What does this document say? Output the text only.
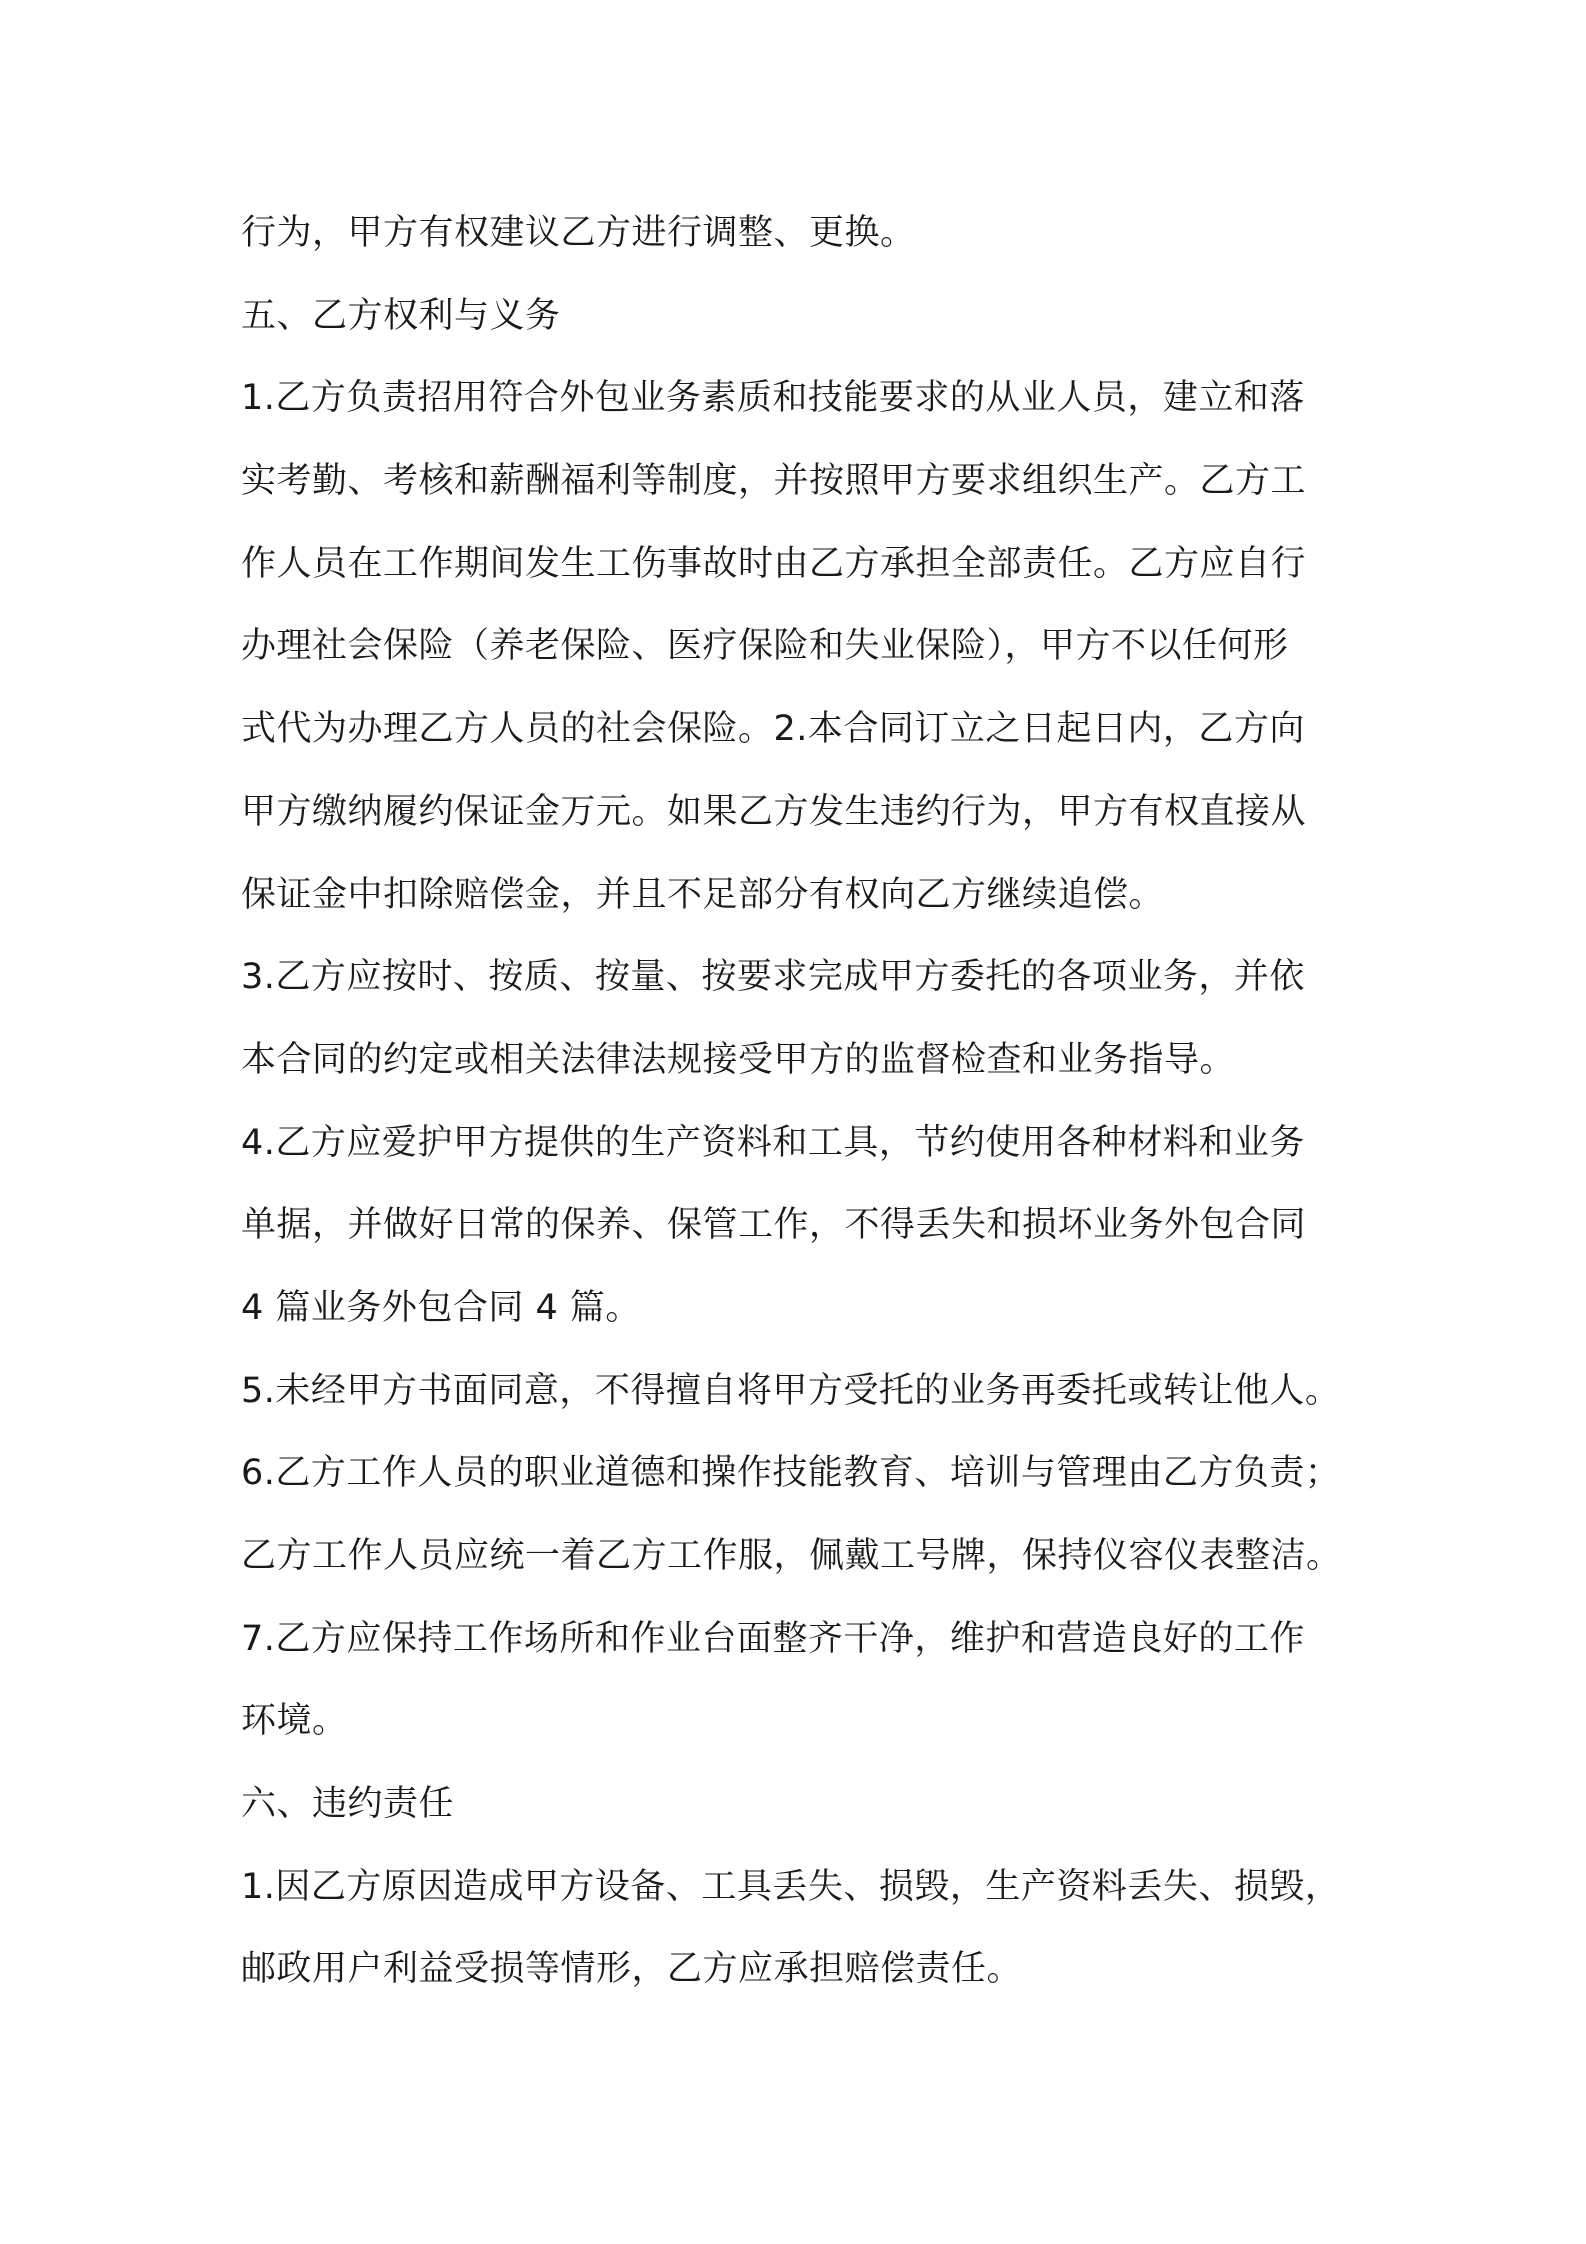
行为，甲方有权建议乙方进行调整、更换。
五、乙方权利与义务
1.乙方负责招用符合外包业务素质和技能要求的从业人员，建立和落
实考勤、考核和薪酬福利等制度，并按照甲方要求组织生产。乙方工
作人员在工作期间发生工伤事故时由乙方承担全部责任。乙方应自行
办理社会保险（养老保险、医疗保险和失业保险），甲方不以任何形
式代为办理乙方人员的社会保险。2.本合同订立之日起日内，乙方向
甲方缴纳履约保证金万元。如果乙方发生违约行为，甲方有权直接从
保证金中扣除赔偿金，并且不足部分有权向乙方继续追偿。
3.乙方应按时、按质、按量、按要求完成甲方委托的各项业务，并依
本合同的约定或相关法律法规接受甲方的监督检查和业务指导。
4.乙方应爱护甲方提供的生产资料和工具，节约使用各种材料和业务
单据，并做好日常的保养、保管工作，不得丢失和损坏业务外包合同
4 篇业务外包合同 4 篇。
5.未经甲方书面同意，不得擅自将甲方受托的业务再委托或转让他人。
6.乙方工作人员的职业道德和操作技能教育、培训与管理由乙方负责；
乙方工作人员应统一着乙方工作服，佩戴工号牌，保持仪容仪表整洁。
7.乙方应保持工作场所和作业台面整齐干净，维护和营造良好的工作
环境。
六、违约责任
1.因乙方原因造成甲方设备、工具丢失、损毁，生产资料丢失、损毁，
邮政用户利益受损等情形，乙方应承担赔偿责任。
